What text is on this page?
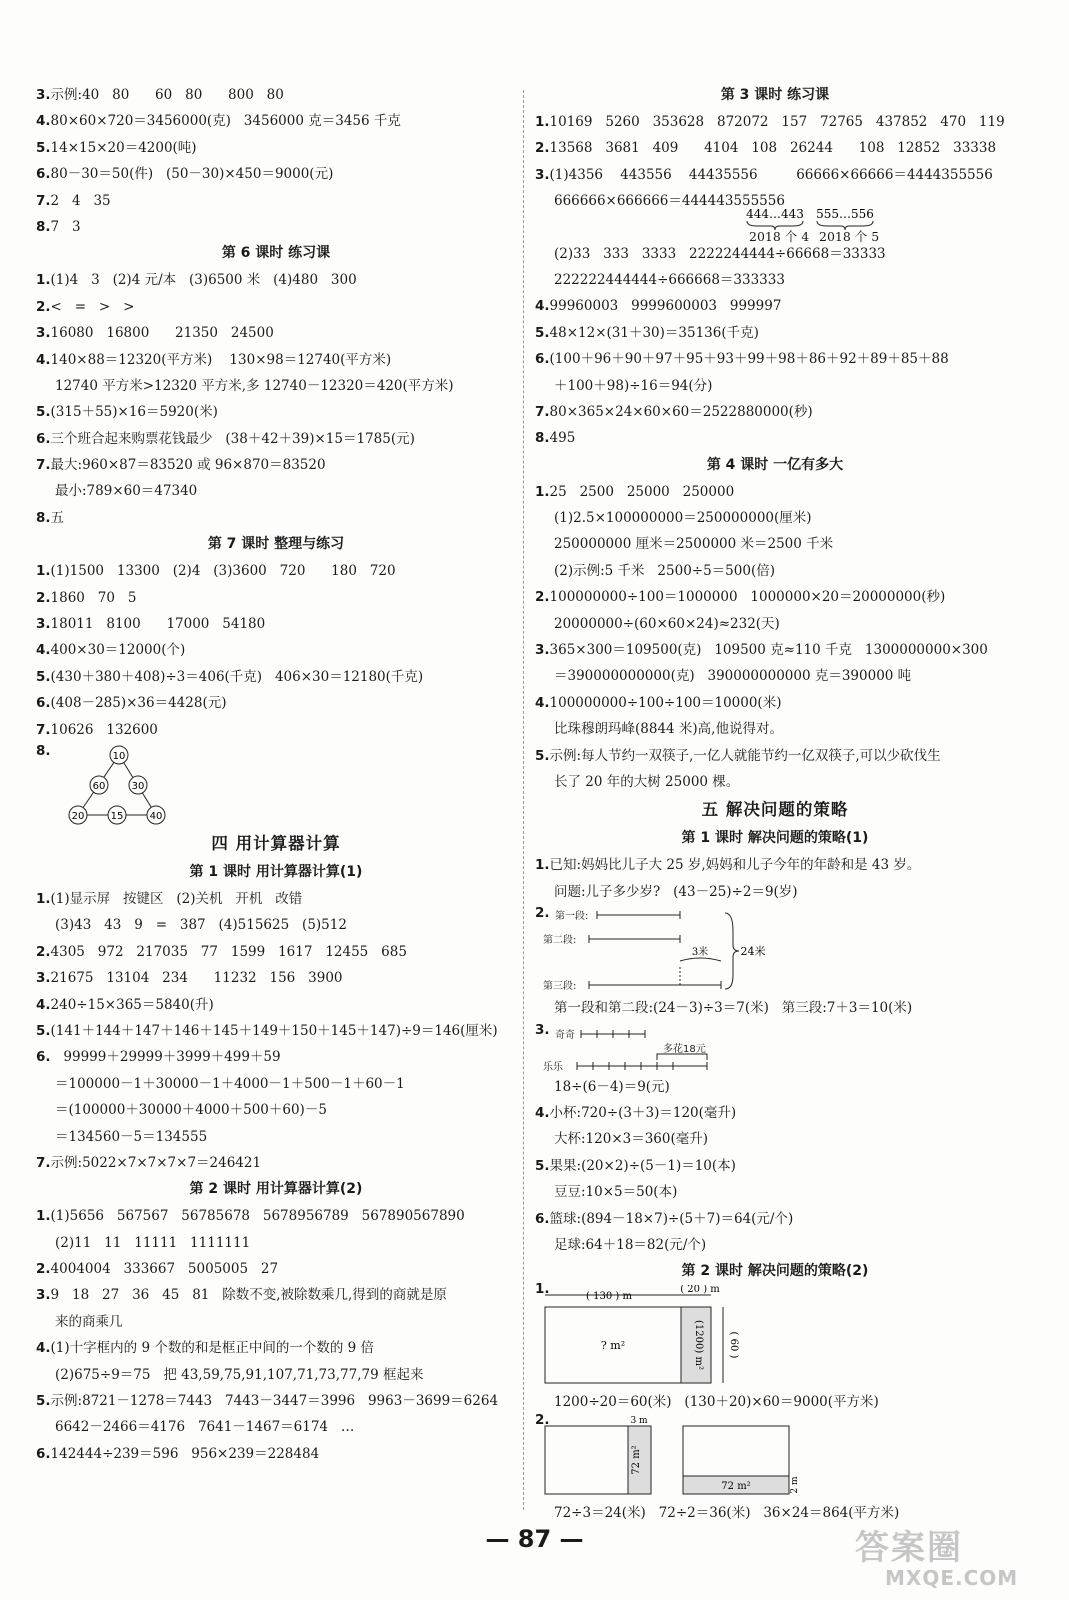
3.示例:40   80      60   80      800   80
4.80×60×720＝3456000(克)   3456000 克＝3456 千克
5.14×15×20＝4200(吨)
6.80－30＝50(件)   (50－30)×450＝9000(元)
7.2   4   35
8.7   3
第 6 课时 练习课
1.(1)4   3   (2)4 元/本   (3)6500 米   (4)480   300
2.<   =   >   >
3.16080   16800      21350   24500
4.140×88＝12320(平方米)    130×98＝12740(平方米)
12740 平方米>12320 平方米,多 12740－12320＝420(平方米)
5.(315＋55)×16＝5920(米)
6.三个班合起来购票花钱最少   (38＋42＋39)×15＝1785(元)
7.最大:960×87＝83520 或 96×870＝83520
最小:789×60＝47340
8.五
第 7 课时 整理与练习
1.(1)1500   13300   (2)4   (3)3600   720      180   720
2.1860   70   5
3.18011   8100      17000   54180
4.400×30＝12000(个)
5.(430＋380＋408)÷3＝406(千克)   406×30＝12180(千克)
6.(408－285)×36＝4428(元)
7.10626   132600
8.	10
60	30
20	15	40
四 用计算器计算
第 1 课时 用计算器计算(1)
1.(1)显示屏   按键区   (2)关机   开机   改错
(3)43   43   9   =   387   (4)515625   (5)512
2.4305   972   217035   77   1599   1617   12455   685
3.21675   13104   234      11232   156   3900
4.240÷15×365＝5840(升)
5.(141＋144＋147＋146＋145＋149＋150＋145＋147)÷9＝146(厘米)
6.   99999＋29999＋3999＋499＋59
＝100000－1＋30000－1＋4000－1＋500－1＋60－1
＝(100000＋30000＋4000＋500＋60)－5
＝134560－5＝134555
7.示例:5022×7×7×7×7＝246421
第 2 课时 用计算器计算(2)
1.(1)5656   567567   56785678   5678956789   567890567890
(2)11   11   11111   1111111
2.4004004   333667   5005005   27
3.9   18   27   36   45   81   除数不变,被除数乘几,得到的商就是原
来的商乘几
4.(1)十字框内的 9 个数的和是框正中间的一个数的 9 倍
(2)675÷9＝75   把 43,59,75,91,107,71,73,77,79 框起来
5.示例:8721－1278＝7443   7443－3447＝3996   9963－3699＝6264
6642－2466＝4176   7641－1467＝6174   …
6.142444÷239＝596   956×239＝228484
第 3 课时 练习课
1.10169   5260   353628   872072   157   72765   437852   470   119
2.13568   3681   409      4104   108   26244      108   12852   33338
3.(1)4356    443556    44435556         66666×66666＝4444355556
666666×666666＝444443555556
444…443 555…556
2018 个 4 2018 个 5
(2)33   333   3333   2222244444÷66668＝33333
222222444444÷666668＝333333
4.99960003   9999600003   999997
5.48×12×(31＋30)＝35136(千克)
6.(100＋96＋90＋97＋95＋93＋99＋98＋86＋92＋89＋85＋88
＋100＋98)÷16＝94(分)
7.80×365×24×60×60＝2522880000(秒)
8.495
第 4 课时 一亿有多大
1.25   2500   25000   250000
(1)2.5×100000000＝250000000(厘米)
250000000 厘米＝2500000 米＝2500 千米
(2)示例:5 千米   2500÷5＝500(倍)
2.100000000÷100＝1000000   1000000×20＝20000000(秒)
20000000÷(60×60×24)≈232(天)
3.365×300＝109500(克)   109500 克≈110 千克   1300000000×300
＝390000000000(克)   390000000000 克＝390000 吨
4.100000000÷100÷100＝10000(米)
比珠穆朗玛峰(8844 米)高,他说得对。
5.示例:每人节约一双筷子,一亿人就能节约一亿双筷子,可以少砍伐生
长了 20 年的大树 25000 棵。
五 解决问题的策略
第 1 课时 解决问题的策略(1)
1.已知:妈妈比儿子大 25 岁,妈妈和儿子今年的年龄和是 43 岁。
问题:儿子多少岁?   (43－25)÷2＝9(岁)
2. 第一段:
第二段:
第三段:
3米	24米
第一段和第二段:(24－3)÷3＝7(米)   第三段:7＋3＝10(米)
3. 奇奇
乐乐
多花18元
18÷(6－4)＝9(元)
4.小杯:720÷(3＋3)＝120(毫升)
大杯:120×3＝360(毫升)
5.果果:(20×2)÷(5－1)＝10(本)
豆豆:10×5＝50(本)
6.篮球:(894－18×7)÷(5＋7)＝64(元/个)
足球:64＋18＝82(元/个)
第 2 课时 解决问题的策略(2)
1.	( 130 ) m
( 20 ) m
? m²	(1200) m² ( 60 )
1200÷20＝60(米)   (130＋20)×60＝9000(平方米)
2.	3 m
72 m²
72 m²	2 m
72÷3＝24(米)   72÷2＝36(米)   36×24＝864(平方米)
— 87 —	答案圈
MXQE.COM
